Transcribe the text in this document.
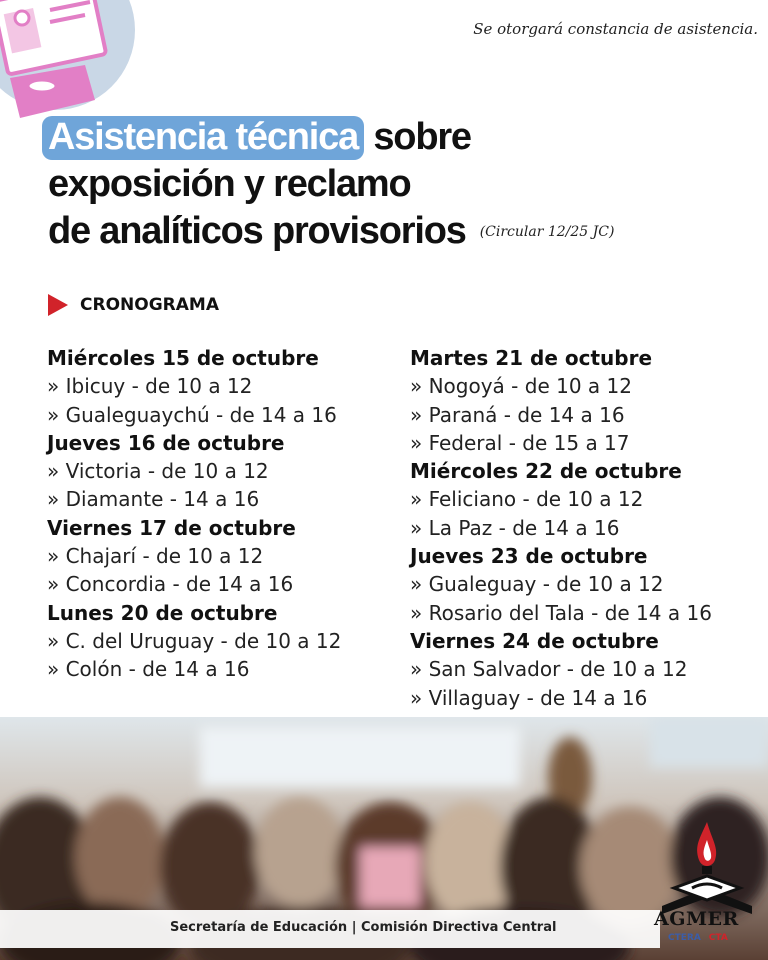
Se otorgará constancia de asistencia.
Asistencia técnica sobre
exposición y reclamo
de analíticos provisorios (Circular 12/25 JC)
CRONOGRAMA
Miércoles 15 de octubre
» Ibicuy - de 10 a 12
» Gualeguaychú - de 14 a 16
Jueves 16 de octubre
» Victoria - de 10 a 12
» Diamante - 14 a 16
Viernes 17 de octubre
» Chajarí - de 10 a 12
» Concordia - de 14 a 16
Lunes 20 de octubre
» C. del Uruguay - de 10 a 12
» Colón - de 14 a 16
Martes 21 de octubre
» Nogoyá - de 10 a 12
» Paraná - de 14 a 16
» Federal - de 15 a 17
Miércoles 22 de octubre
» Feliciano - de 10 a 12
» La Paz - de 14 a 16
Jueves 23 de octubre
» Gualeguay - de 10 a 12
» Rosario del Tala - de 14 a 16
Viernes 24 de octubre
» San Salvador - de 10 a 12
» Villaguay - de 14 a 16
Secretaría de Educación | Comisión Directiva Central	AGMER
CTERA CTA
